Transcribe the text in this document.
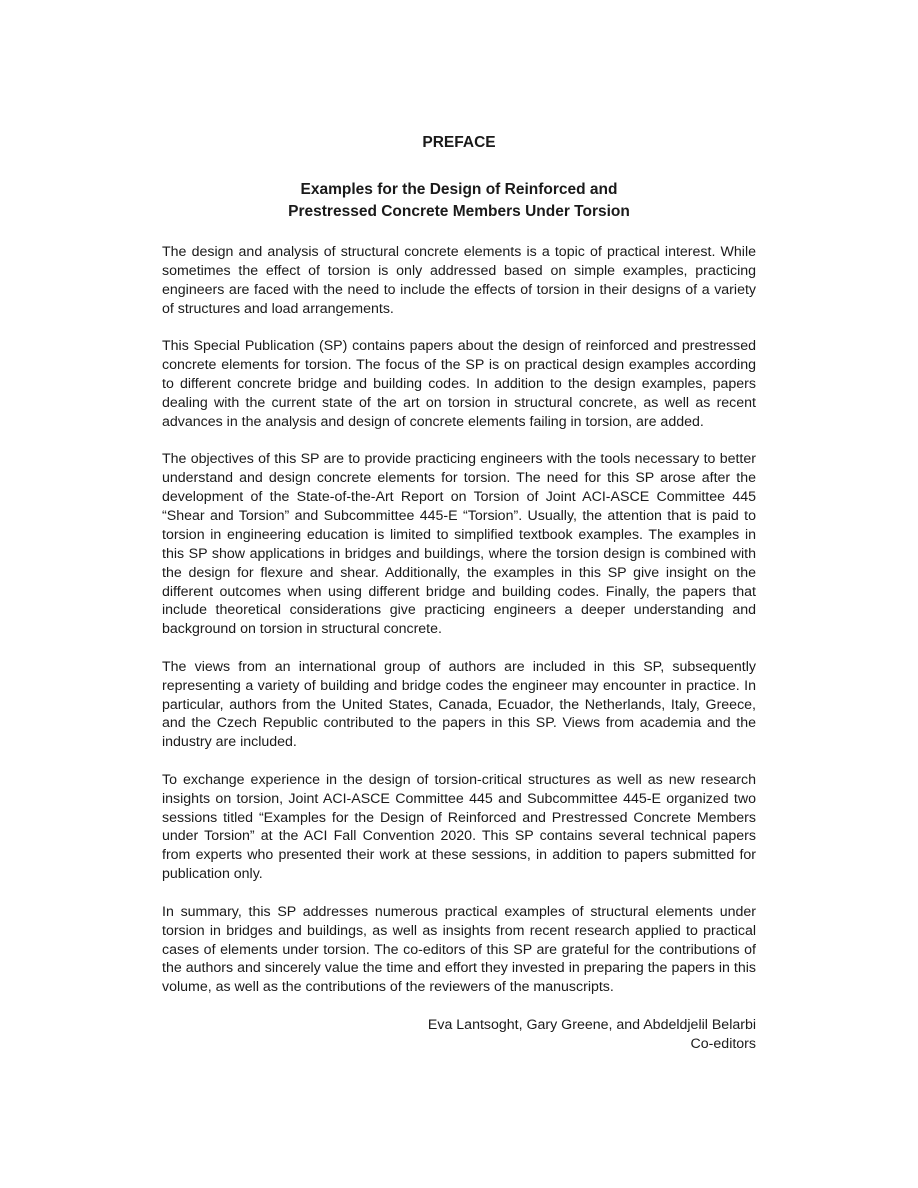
PREFACE
Examples for the Design of Reinforced and
Prestressed Concrete Members Under Torsion

The design and analysis of structural concrete elements is a topic of practical interest. While sometimes the effect of torsion is only addressed based on simple examples, practicing engineers are faced with the need to include the effects of torsion in their designs of a variety of structures and load arrangements.

This Special Publication (SP) contains papers about the design of reinforced and prestressed concrete elements for torsion. The focus of the SP is on practical design examples according to different concrete bridge and building codes. In addition to the design examples, papers dealing with the current state of the art on torsion in structural concrete, as well as recent advances in the analysis and design of concrete elements failing in torsion, are added.

The objectives of this SP are to provide practicing engineers with the tools necessary to better understand and design concrete elements for torsion. The need for this SP arose after the development of the State-of-the-Art Report on Torsion of Joint ACI-ASCE Committee 445 “Shear and Torsion” and Subcommittee 445-E “Torsion”. Usually, the attention that is paid to torsion in engineering education is limited to simplified textbook examples. The examples in this SP show applications in bridges and buildings, where the torsion design is combined with the design for flexure and shear. Additionally, the examples in this SP give insight on the different outcomes when using different bridge and building codes. Finally, the papers that include theoretical considerations give practicing engineers a deeper understanding and background on torsion in structural concrete.

The views from an international group of authors are included in this SP, subsequently representing a variety of building and bridge codes the engineer may encounter in practice. In particular, authors from the United States, Canada, Ecuador, the Netherlands, Italy, Greece, and the Czech Republic contributed to the papers in this SP. Views from academia and the industry are included.

To exchange experience in the design of torsion-critical structures as well as new research insights on torsion, Joint ACI-ASCE Committee 445 and Subcommittee 445-E organized two sessions titled “Examples for the Design of Reinforced and Prestressed Concrete Members under Torsion” at the ACI Fall Convention 2020. This SP contains several technical papers from experts who presented their work at these sessions, in addition to papers submitted for publication only.

In summary, this SP addresses numerous practical examples of structural elements under torsion in bridges and buildings, as well as insights from recent research applied to practical cases of elements under torsion. The co-editors of this SP are grateful for the contributions of the authors and sincerely value the time and effort they invested in preparing the papers in this volume, as well as the contributions of the reviewers of the manuscripts.

Eva Lantsoght, Gary Greene, and Abdeldjelil Belarbi
Co-editors
